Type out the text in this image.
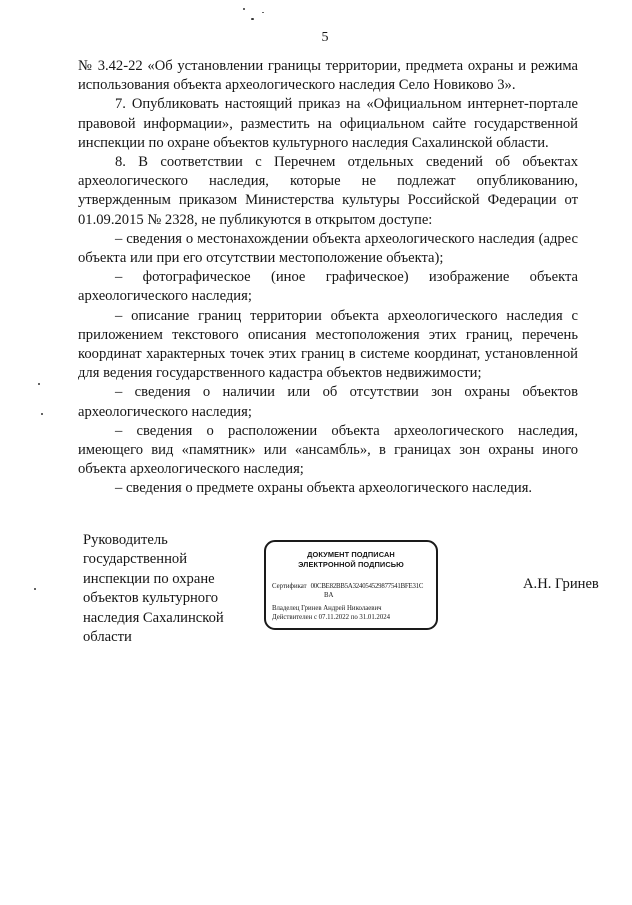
5

№ 3.42-22 «Об установлении границы территории, предмета охраны и режима использования объекта археологического наследия Село Новиково 3».

7. Опубликовать настоящий приказ на «Официальном интернет-портале правовой информации», разместить на официальном сайте государственной инспекции по охране объектов культурного наследия Сахалинской области.

8. В соответствии с Перечнем отдельных сведений об объектах археологического наследия, которые не подлежат опубликованию, утвержденным приказом Министерства культуры Российской Федерации от 01.09.2015 № 2328, не публикуются в открытом доступе:

– сведения о местонахождении объекта археологического наследия (адрес объекта или при его отсутствии местоположение объекта);

– фотографическое (иное графическое) изображение объекта археологического наследия;

– описание границ территории объекта археологического наследия с приложением текстового описания местоположения этих границ, перечень координат характерных точек этих границ в системе координат, установленной для ведения государственного кадастра объектов недвижимости;

– сведения о наличии или об отсутствии зон охраны объектов археологического наследия;

– сведения о расположении объекта археологического наследия, имеющего вид «памятник» или «ансамбль», в границах зон охраны иного объекта археологического наследия;

– сведения о предмете охраны объекта археологического наследия.

Руководитель
государственной
инспекции по охране
объектов культурного
наследия Сахалинской
области
ДОКУМЕНТ ПОДПИСАН
ЭЛЕКТРОННОЙ ПОДПИСЬЮ
Сертификат 00CBE82BB5A324054529877541BFE31C
BA
Владелец Гринев Андрей Николаевич
Действителен с 07.11.2022 по 31.01.2024
А.Н. Гринев
